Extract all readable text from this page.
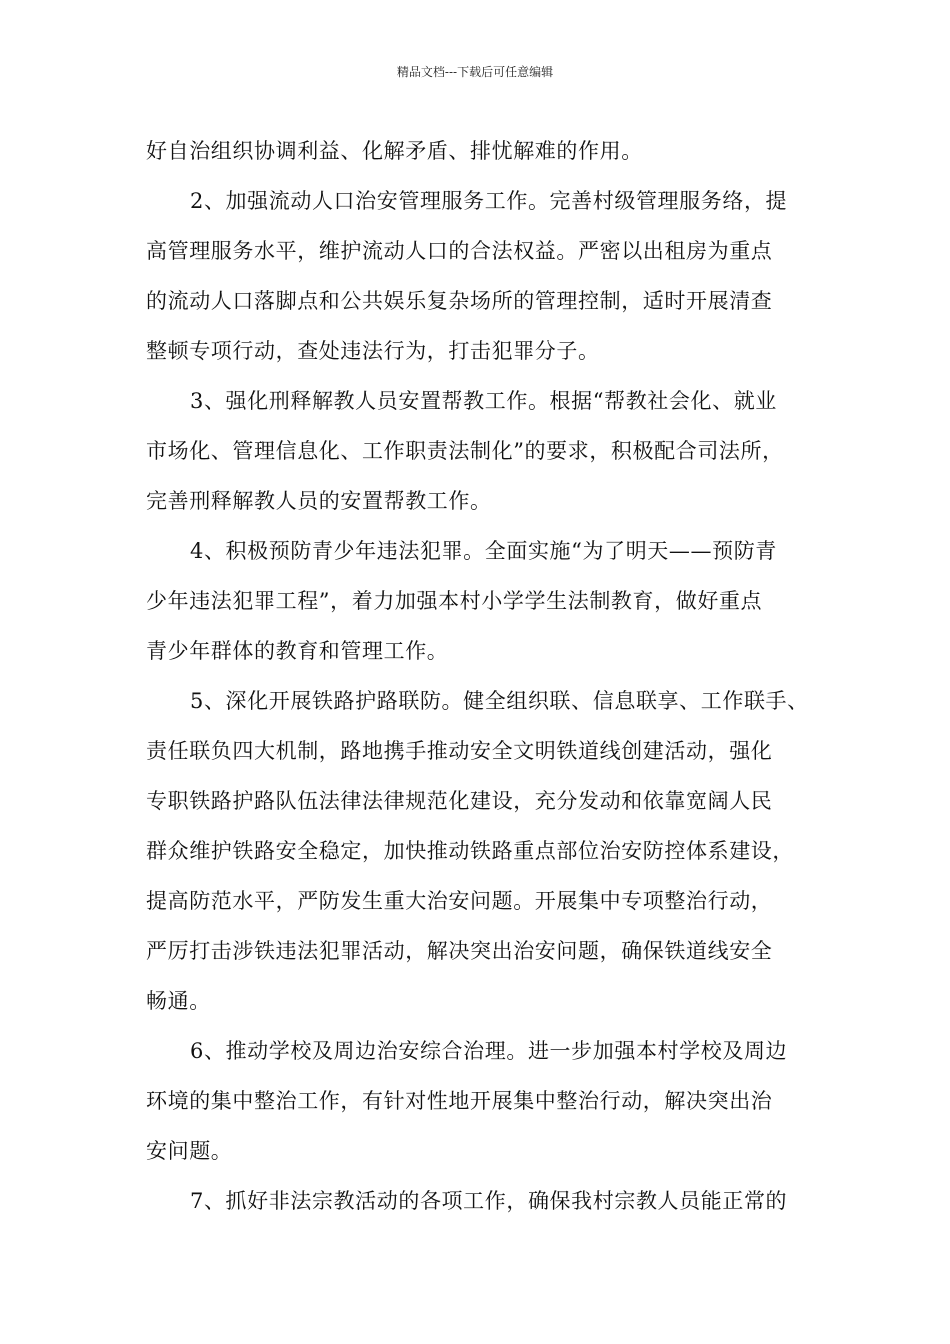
精品文档---下载后可任意编辑
好自治组织协调利益、化解矛盾、排忧解难的作用。
2、加强流动人口治安管理服务工作。完善村级管理服务络，提
高管理服务水平，维护流动人口的合法权益。严密以出租房为重点
的流动人口落脚点和公共娱乐复杂场所的管理控制，适时开展清查
整顿专项行动，查处违法行为，打击犯罪分子。
3、强化刑释解教人员安置帮教工作。根据“帮教社会化、就业
市场化、管理信息化、工作职责法制化”的要求，积极配合司法所，
完善刑释解教人员的安置帮教工作。
4、积极预防青少年违法犯罪。全面实施“为了明天——预防青
少年违法犯罪工程”，着力加强本村小学学生法制教育，做好重点
青少年群体的教育和管理工作。
5、深化开展铁路护路联防。健全组织联、信息联享、工作联手、
责任联负四大机制，路地携手推动安全文明铁道线创建活动，强化
专职铁路护路队伍法律法律规范化建设，充分发动和依靠宽阔人民
群众维护铁路安全稳定，加快推动铁路重点部位治安防控体系建设，
提高防范水平，严防发生重大治安问题。开展集中专项整治行动，
严厉打击涉铁违法犯罪活动，解决突出治安问题，确保铁道线安全
畅通。
6、推动学校及周边治安综合治理。进一步加强本村学校及周边
环境的集中整治工作，有针对性地开展集中整治行动，解决突出治
安问题。
7、抓好非法宗教活动的各项工作，确保我村宗教人员能正常的
